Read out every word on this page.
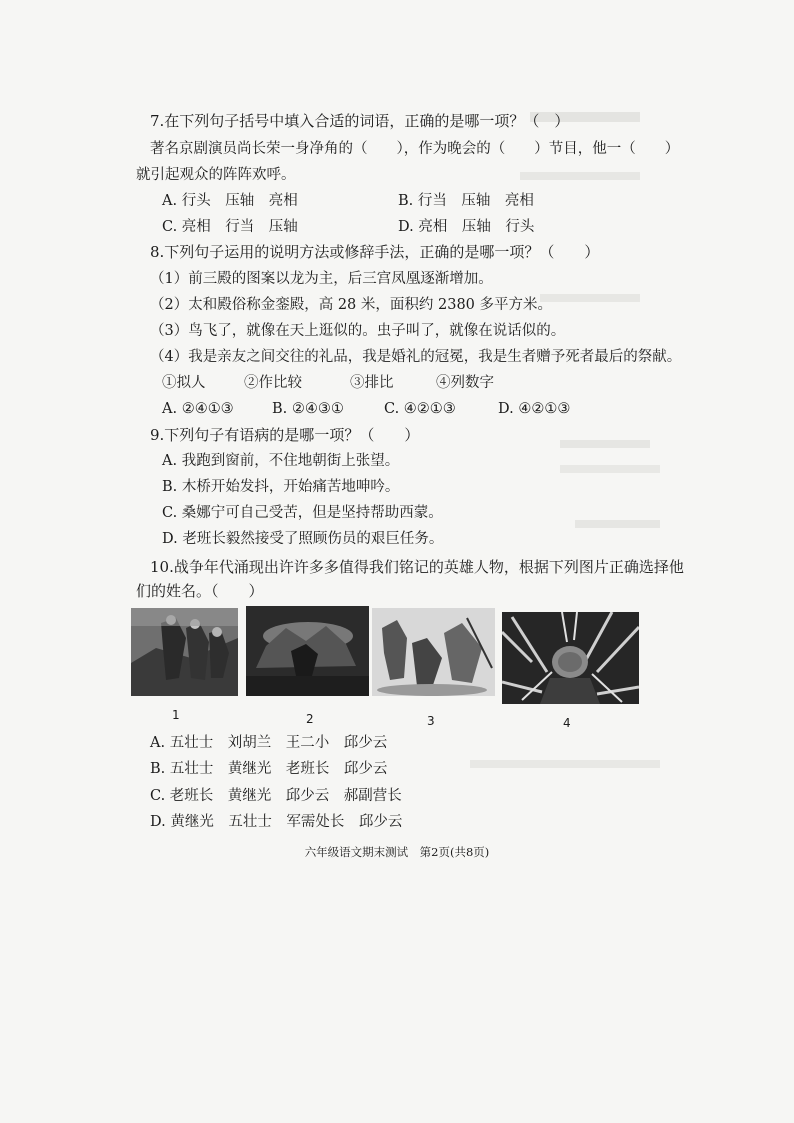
7.在下列句子括号中填入合适的词语，正确的是哪一项？（　）
著名京剧演员尚长荣一身净角的（　　），作为晚会的（　　）节目，他一（　　）
就引起观众的阵阵欢呼。
A. 行头　压轴　亮相	B. 行当　压轴　亮相
C. 亮相　行当　压轴	D. 亮相　压轴　行头
8.下列句子运用的说明方法或修辞手法，正确的是哪一项？（　　）
（1）前三殿的图案以龙为主，后三宫凤凰逐渐增加。
（2）太和殿俗称金銮殿，高 28 米，面积约 2380 多平方米。
（3）鸟飞了，就像在天上逛似的。虫子叫了，就像在说话似的。
（4）我是亲友之间交往的礼品，我是婚礼的冠冕，我是生者赠予死者最后的祭献。
①拟人	②作比较	③排比	④列数字
A. ②④①③	B. ②④③①	C. ④②①③	D. ④②①③
9.下列句子有语病的是哪一项？（　　）
A. 我跑到窗前，不住地朝街上张望。
B. 木桥开始发抖，开始痛苦地呻吟。
C. 桑娜宁可自己受苦，但是坚持帮助西蒙。
D. 老班长毅然接受了照顾伤员的艰巨任务。
10.战争年代涌现出许许多多值得我们铭记的英雄人物，根据下列图片正确选择他
们的姓名。（　　）
1	2	3	4
A. 五壮士　刘胡兰　王二小　邱少云
B. 五壮士　黄继光　老班长　邱少云
C. 老班长　黄继光　邱少云　郝副营长
D. 黄继光　五壮士　军需处长　邱少云
六年级语文期末测试　第2页(共8页)
